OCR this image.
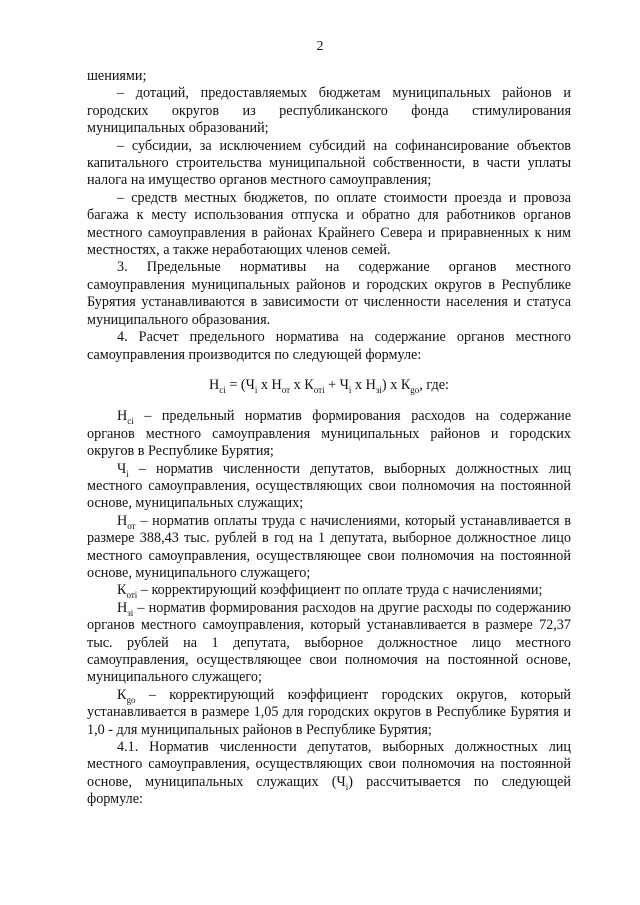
2

шениями;

– дотаций, предоставляемых бюджетам муниципальных районов и городских округов из республиканского фонда стимулирования муниципальных образований;

– субсидии, за исключением субсидий на софинансирование объектов капитального строительства муниципальной собственности, в части уплаты налога на имущество органов местного самоуправления;

– средств местных бюджетов, по оплате стоимости проезда и провоза багажа к месту использования отпуска и обратно для работников органов местного самоуправления в районах Крайнего Севера и приравненных к ним местностях, а также неработающих членов семей.

3. Предельные нормативы на содержание органов местного самоуправления муниципальных районов и городских округов в Республике Бурятия устанавливаются в зависимости от численности населения и статуса муниципального образования.

4. Расчет предельного норматива на содержание органов местного самоуправления производится по следующей формуле:

$Н_{ci} = (Ч_i$ х $Н_{от}$ х $К_{отi} + Ч_i$ х $Н_{зi}$) х $К_{go}$, где:

$Н_{ci}$ – предельный норматив формирования расходов на содержание органов местного самоуправления муниципальных районов и городских округов в Республике Бурятия;

$Ч_i$ – норматив численности депутатов, выборных должностных лиц местного самоуправления, осуществляющих свои полномочия на постоянной основе, муниципальных служащих;

$Н_{от}$ – норматив оплаты труда с начислениями, который устанавливается в размере 388,43 тыс. рублей в год на 1 депутата, выборное должностное лицо местного самоуправления, осуществляющее свои полномочия на постоянной основе, муниципального служащего;

$К_{отi}$ – корректирующий коэффициент по оплате труда с начислениями;

$Н_{зi}$ – норматив формирования расходов на другие расходы по содержанию органов местного самоуправления, который устанавливается в размере 72,37 тыс. рублей на 1 депутата, выборное должностное лицо местного самоуправления, осуществляющее свои полномочия на постоянной основе, муниципального служащего;

$К_{go}$ – корректирующий коэффициент городских округов, который устанавливается в размере 1,05 для городских округов в Республике Бурятия и 1,0 - для муниципальных районов в Республике Бурятия;

4.1. Норматив численности депутатов, выборных должностных лиц местного самоуправления, осуществляющих свои полномочия на постоянной основе, муниципальных служащих $(Ч_i)$ рассчитывается по следующей формуле:
